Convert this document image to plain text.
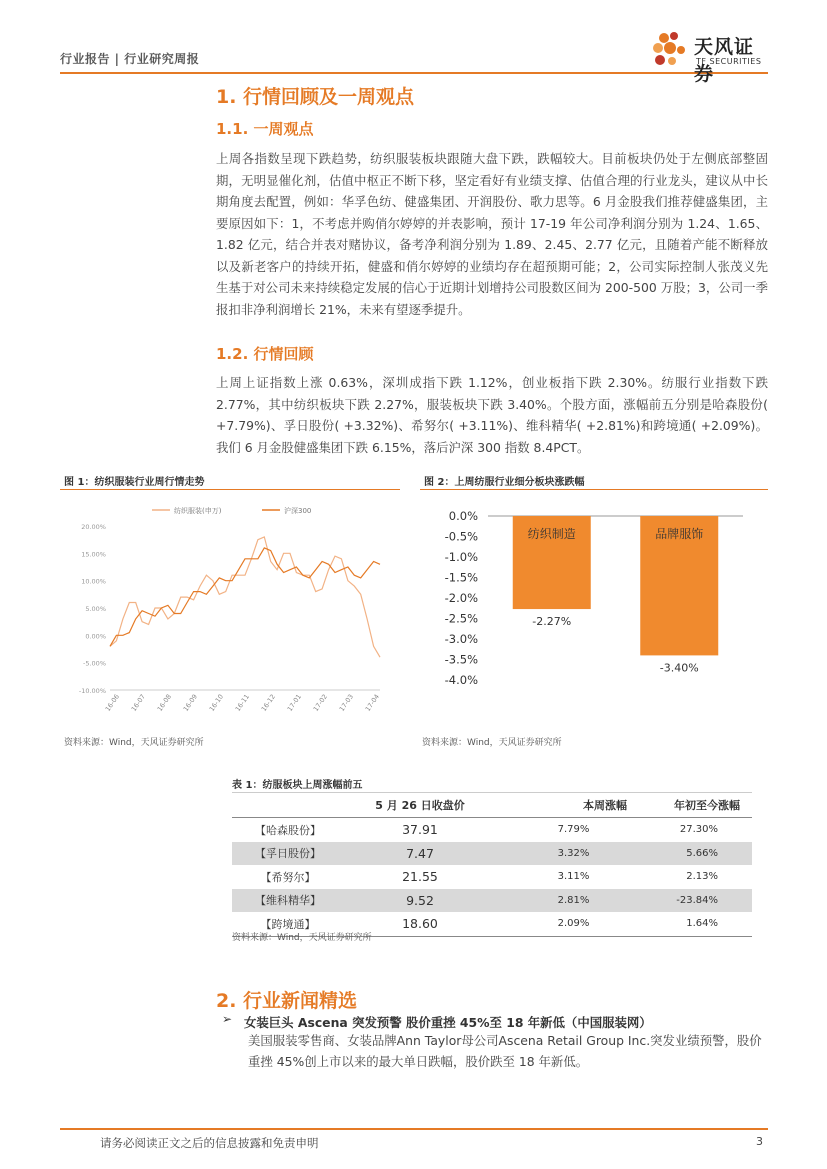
行业报告 | 行业研究周报
天风证券
TF SECURITIES
1. 行情回顾及一周观点
1.1. 一周观点
上周各指数呈现下跌趋势，纺织服装板块跟随大盘下跌，跌幅较大。目前板块仍处于左侧底部整固期，无明显催化剂，估值中枢正不断下移，坚定看好有业绩支撑、估值合理的行业龙头，建议从中长期角度去配置，例如：华孚色纺、健盛集团、开润股份、歌力思等。6 月金股我们推荐健盛集团，主要原因如下：1，不考虑并购俏尔婷婷的并表影响，预计 17-19 年公司净利润分别为 1.24、1.65、1.82 亿元，结合并表对赌协议，备考净利润分别为 1.89、2.45、2.77 亿元，且随着产能不断释放以及新老客户的持续开拓，健盛和俏尔婷婷的业绩均存在超预期可能；2，公司实际控制人张茂义先生基于对公司未来持续稳定发展的信心于近期计划增持公司股数区间为 200-500 万股；3，公司一季报扣非净利润增长 21%，未来有望逐季提升。
1.2. 行情回顾
上周上证指数上涨 0.63%，深圳成指下跌 1.12%，创业板指下跌 2.30%。纺服行业指数下跌 2.77%，其中纺织板块下跌 2.27%，服装板块下跌 3.40%。个股方面，涨幅前五分别是哈森股份( +7.79%)、孚日股份( +3.32%)、希努尔( +3.11%)、维科精华( +2.81%)和跨境通( +2.09%)。我们 6 月金股健盛集团下跌 6.15%，落后沪深 300 指数 8.4PCT。
图 1：纺织服装行业周行情走势
纺织服装(申万)	沪深300
20.00%
15.00%
10.00%
5.00%
0.00%
-5.00%
-10.00%
16-06 16-07 16-08 16-09 16-10 16-11 16-12 17-01 17-02 17-03 17-04
资料来源：Wind，天风证券研究所
图 2：上周纺服行业细分板块涨跌幅
0.0%
-0.5%
-1.0%
-1.5%
-2.0%
-2.5%
-3.0%
-3.5%
-4.0%
纺织制造
-2.27%
品牌服饰
-3.40%
资料来源：Wind，天风证券研究所
表 1：纺服板块上周涨幅前五
	5 月 26 日收盘价	本周涨幅	年初至今涨幅
【哈森股份】	37.91	7.79%	27.30%
【孚日股份】	7.47	3.32%	5.66%
【希努尔】	21.55	3.11%	2.13%
【维科精华】	9.52	2.81%	-23.84%
【跨境通】	18.60	2.09%	1.64%
资料来源：Wind，天风证券研究所
2. 行业新闻精选
➢ 女装巨头 Ascena 突发预警 股价重挫 45%至 18 年新低（中国服装网）
美国服装零售商、女装品牌Ann Taylor母公司Ascena Retail Group Inc.突发业绩预警，股价重挫 45%创上市以来的最大单日跌幅，股价跌至 18 年新低。
请务必阅读正文之后的信息披露和免责申明	3
